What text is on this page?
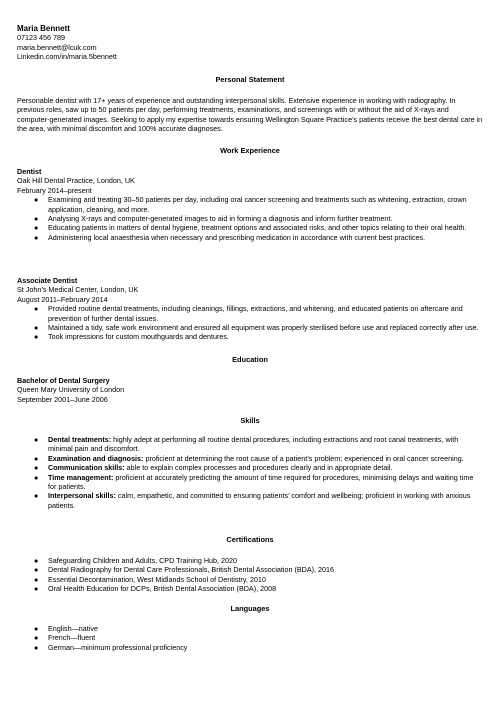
Maria Bennett
07123 456 789
maria.bennett@lcuk.com
Linkedin.com/in/maria.5bennett
Personal Statement

Personable dentist with 17+ years of experience and outstanding interpersonal skills. Extensive experience in working with radiography. In previous roles, saw up to 50 patients per day, performing treatments, examinations, and screenings with or without the aid of X-rays and computer-generated images. Seeking to apply my expertise towards ensuring Wellington Square Practice’s patients receive the best dental care in the area, with minimal discomfort and 100% accurate diagnoses.

Work Experience
Dentist
Oak Hill Dental Practice, London, UK
February 2014–present
● Examining and treating 30–50 patients per day, including oral cancer screening and treatments such as whitening, extraction, crown application, cleaning, and more.
● Analysing X-rays and computer-generated images to aid in forming a diagnosis and inform further treatment.
● Educating patients in matters of dental hygiene, treatment options and associated risks, and other topics relating to their oral health.
● Administering local anaesthesia when necessary and prescribing medication in accordance with current best practices.
Associate Dentist
St John’s Medical Center, London, UK
August 2011–February 2014
● Provided routine dental treatments, including cleanings, fillings, extractions, and whitening, and educated patients on aftercare and prevention of further dental issues.
● Maintained a tidy, safe work environment and ensured all equipment was properly sterilised before use and replaced correctly after use.
● Took impressions for custom mouthguards and dentures.
Education
Bachelor of Dental Surgery
Queen Mary University of London
September 2001–June 2006
Skills
● Dental treatments: highly adept at performing all routine dental procedures, including extractions and root canal treatments, with minimal pain and discomfort.
● Examination and diagnosis: proficient at determining the root cause of a patient’s problem; experienced in oral cancer screening.
● Communication skills: able to explain complex processes and procedures clearly and in appropriate detail.
● Time management: proficient at accurately predicting the amount of time required for procedures, minimising delays and waiting time for patients.
● Interpersonal skills: calm, empathetic, and committed to ensuring patients’ comfort and wellbeing; proficient in working with anxious patients.
Certifications
● Safeguarding Children and Adults, CPD Training Hub, 2020
● Dental Radiography for Dental Care Professionals, British Dental Association (BDA), 2016
● Essential Decontamination, West Midlands School of Dentistry, 2010
● Oral Health Education for DCPs, British Dental Association (BDA), 2008
Languages
● English—native
● French—fluent
● German—minimum professional proficiency
